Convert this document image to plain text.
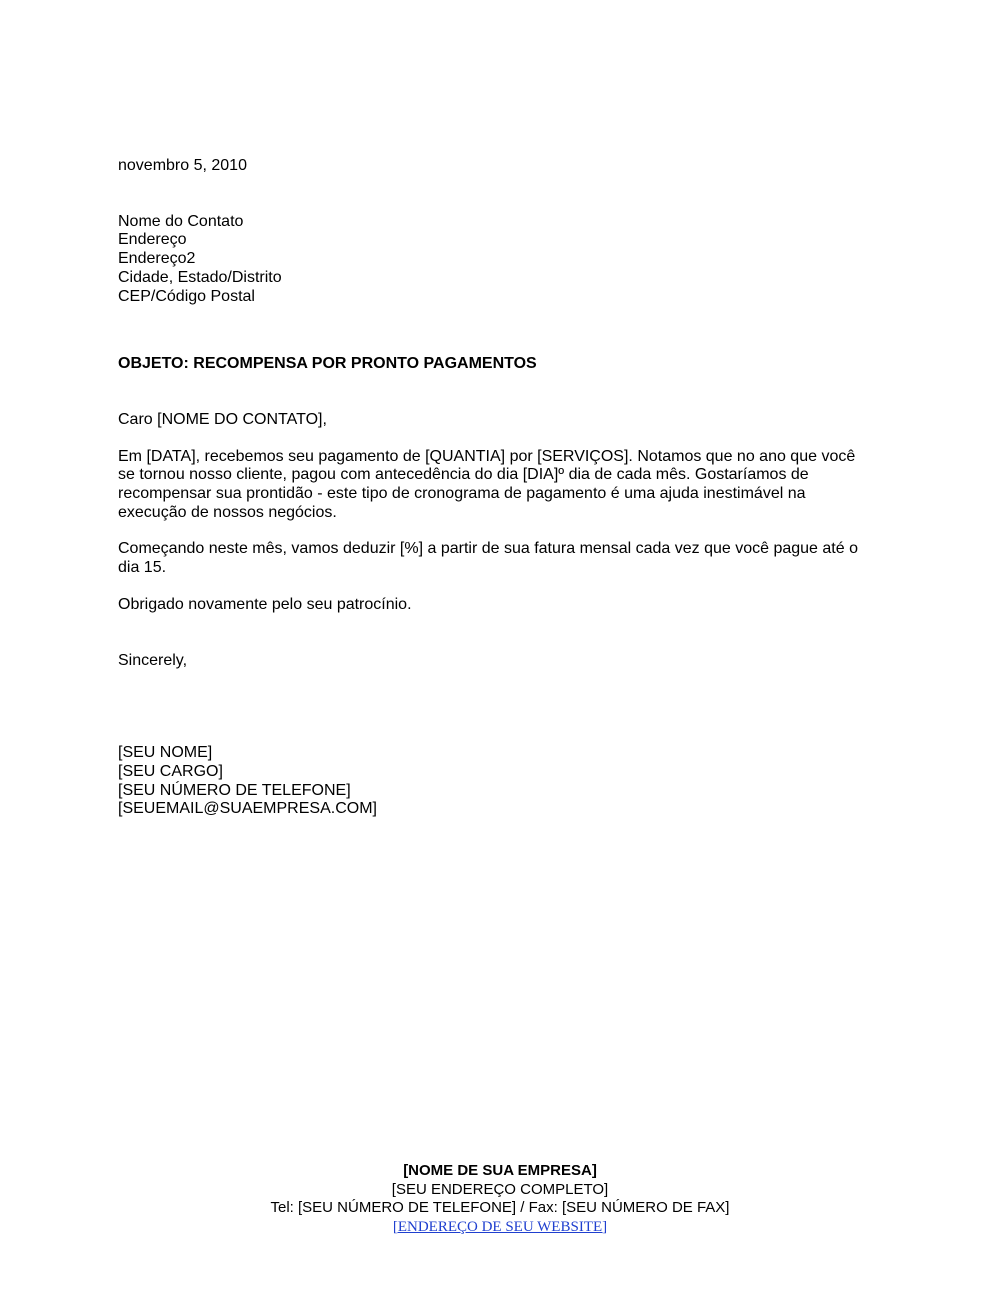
novembro 5, 2010
Nome do Contato
Endereço
Endereço2
Cidade, Estado/Distrito
CEP/Código Postal
OBJETO: RECOMPENSA POR PRONTO PAGAMENTOS
Caro [NOME DO CONTATO],
Em [DATA], recebemos seu pagamento de [QUANTIA] por [SERVIÇOS]. Notamos que no ano que você
se tornou nosso cliente, pagou com antecedência do dia [DIA]º dia de cada mês. Gostaríamos de
recompensar sua prontidão - este tipo de cronograma de pagamento é uma ajuda inestimável na
execução de nossos negócios.
Começando neste mês, vamos deduzir [%] a partir de sua fatura mensal cada vez que você pague até o
dia 15.
Obrigado novamente pelo seu patrocínio.
Sincerely,
[SEU NOME]
[SEU CARGO]
[SEU NÚMERO DE TELEFONE]
[SEUEMAIL@SUAEMPRESA.COM]
[NOME DE SUA EMPRESA]
[SEU ENDEREÇO COMPLETO]
Tel: [SEU NÚMERO DE TELEFONE] / Fax: [SEU NÚMERO DE FAX]
[ENDEREÇO DE SEU WEBSITE]
